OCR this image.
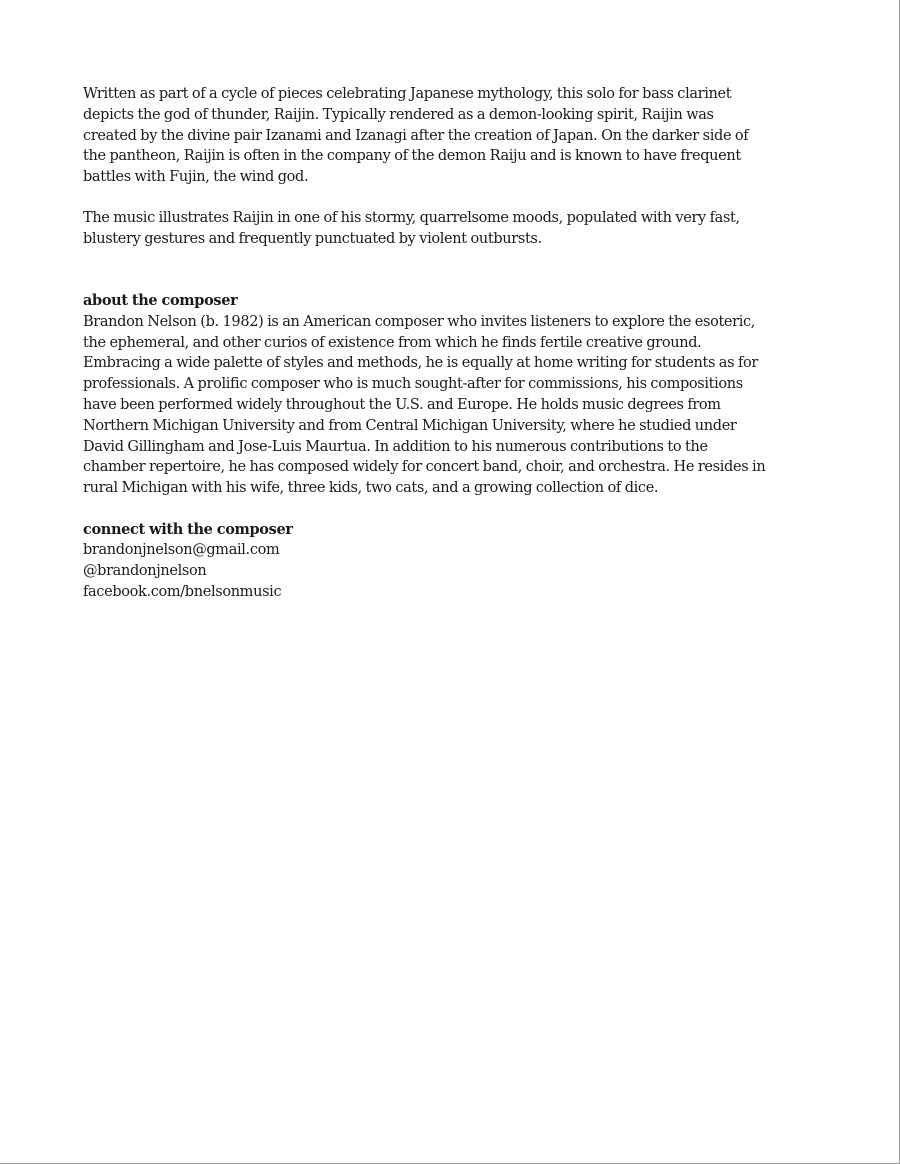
Written as part of a cycle of pieces celebrating Japanese mythology, this solo for bass clarinet
depicts the god of thunder, Raijin. Typically rendered as a demon-looking spirit, Raijin was
created by the divine pair Izanami and Izanagi after the creation of Japan. On the darker side of
the pantheon, Raijin is often in the company of the demon Raiju and is known to have frequent
battles with Fujin, the wind god.
The music illustrates Raijin in one of his stormy, quarrelsome moods, populated with very fast,
blustery gestures and frequently punctuated by violent outbursts.
about the composer
Brandon Nelson (b. 1982) is an American composer who invites listeners to explore the esoteric,
the ephemeral, and other curios of existence from which he finds fertile creative ground.
Embracing a wide palette of styles and methods, he is equally at home writing for students as for
professionals. A prolific composer who is much sought-after for commissions, his compositions
have been performed widely throughout the U.S. and Europe. He holds music degrees from
Northern Michigan University and from Central Michigan University, where he studied under
David Gillingham and Jose-Luis Maurtua. In addition to his numerous contributions to the
chamber repertoire, he has composed widely for concert band, choir, and orchestra. He resides in
rural Michigan with his wife, three kids, two cats, and a growing collection of dice.
connect with the composer
brandonjnelson@gmail.com
@brandonjnelson
facebook.com/bnelsonmusic
